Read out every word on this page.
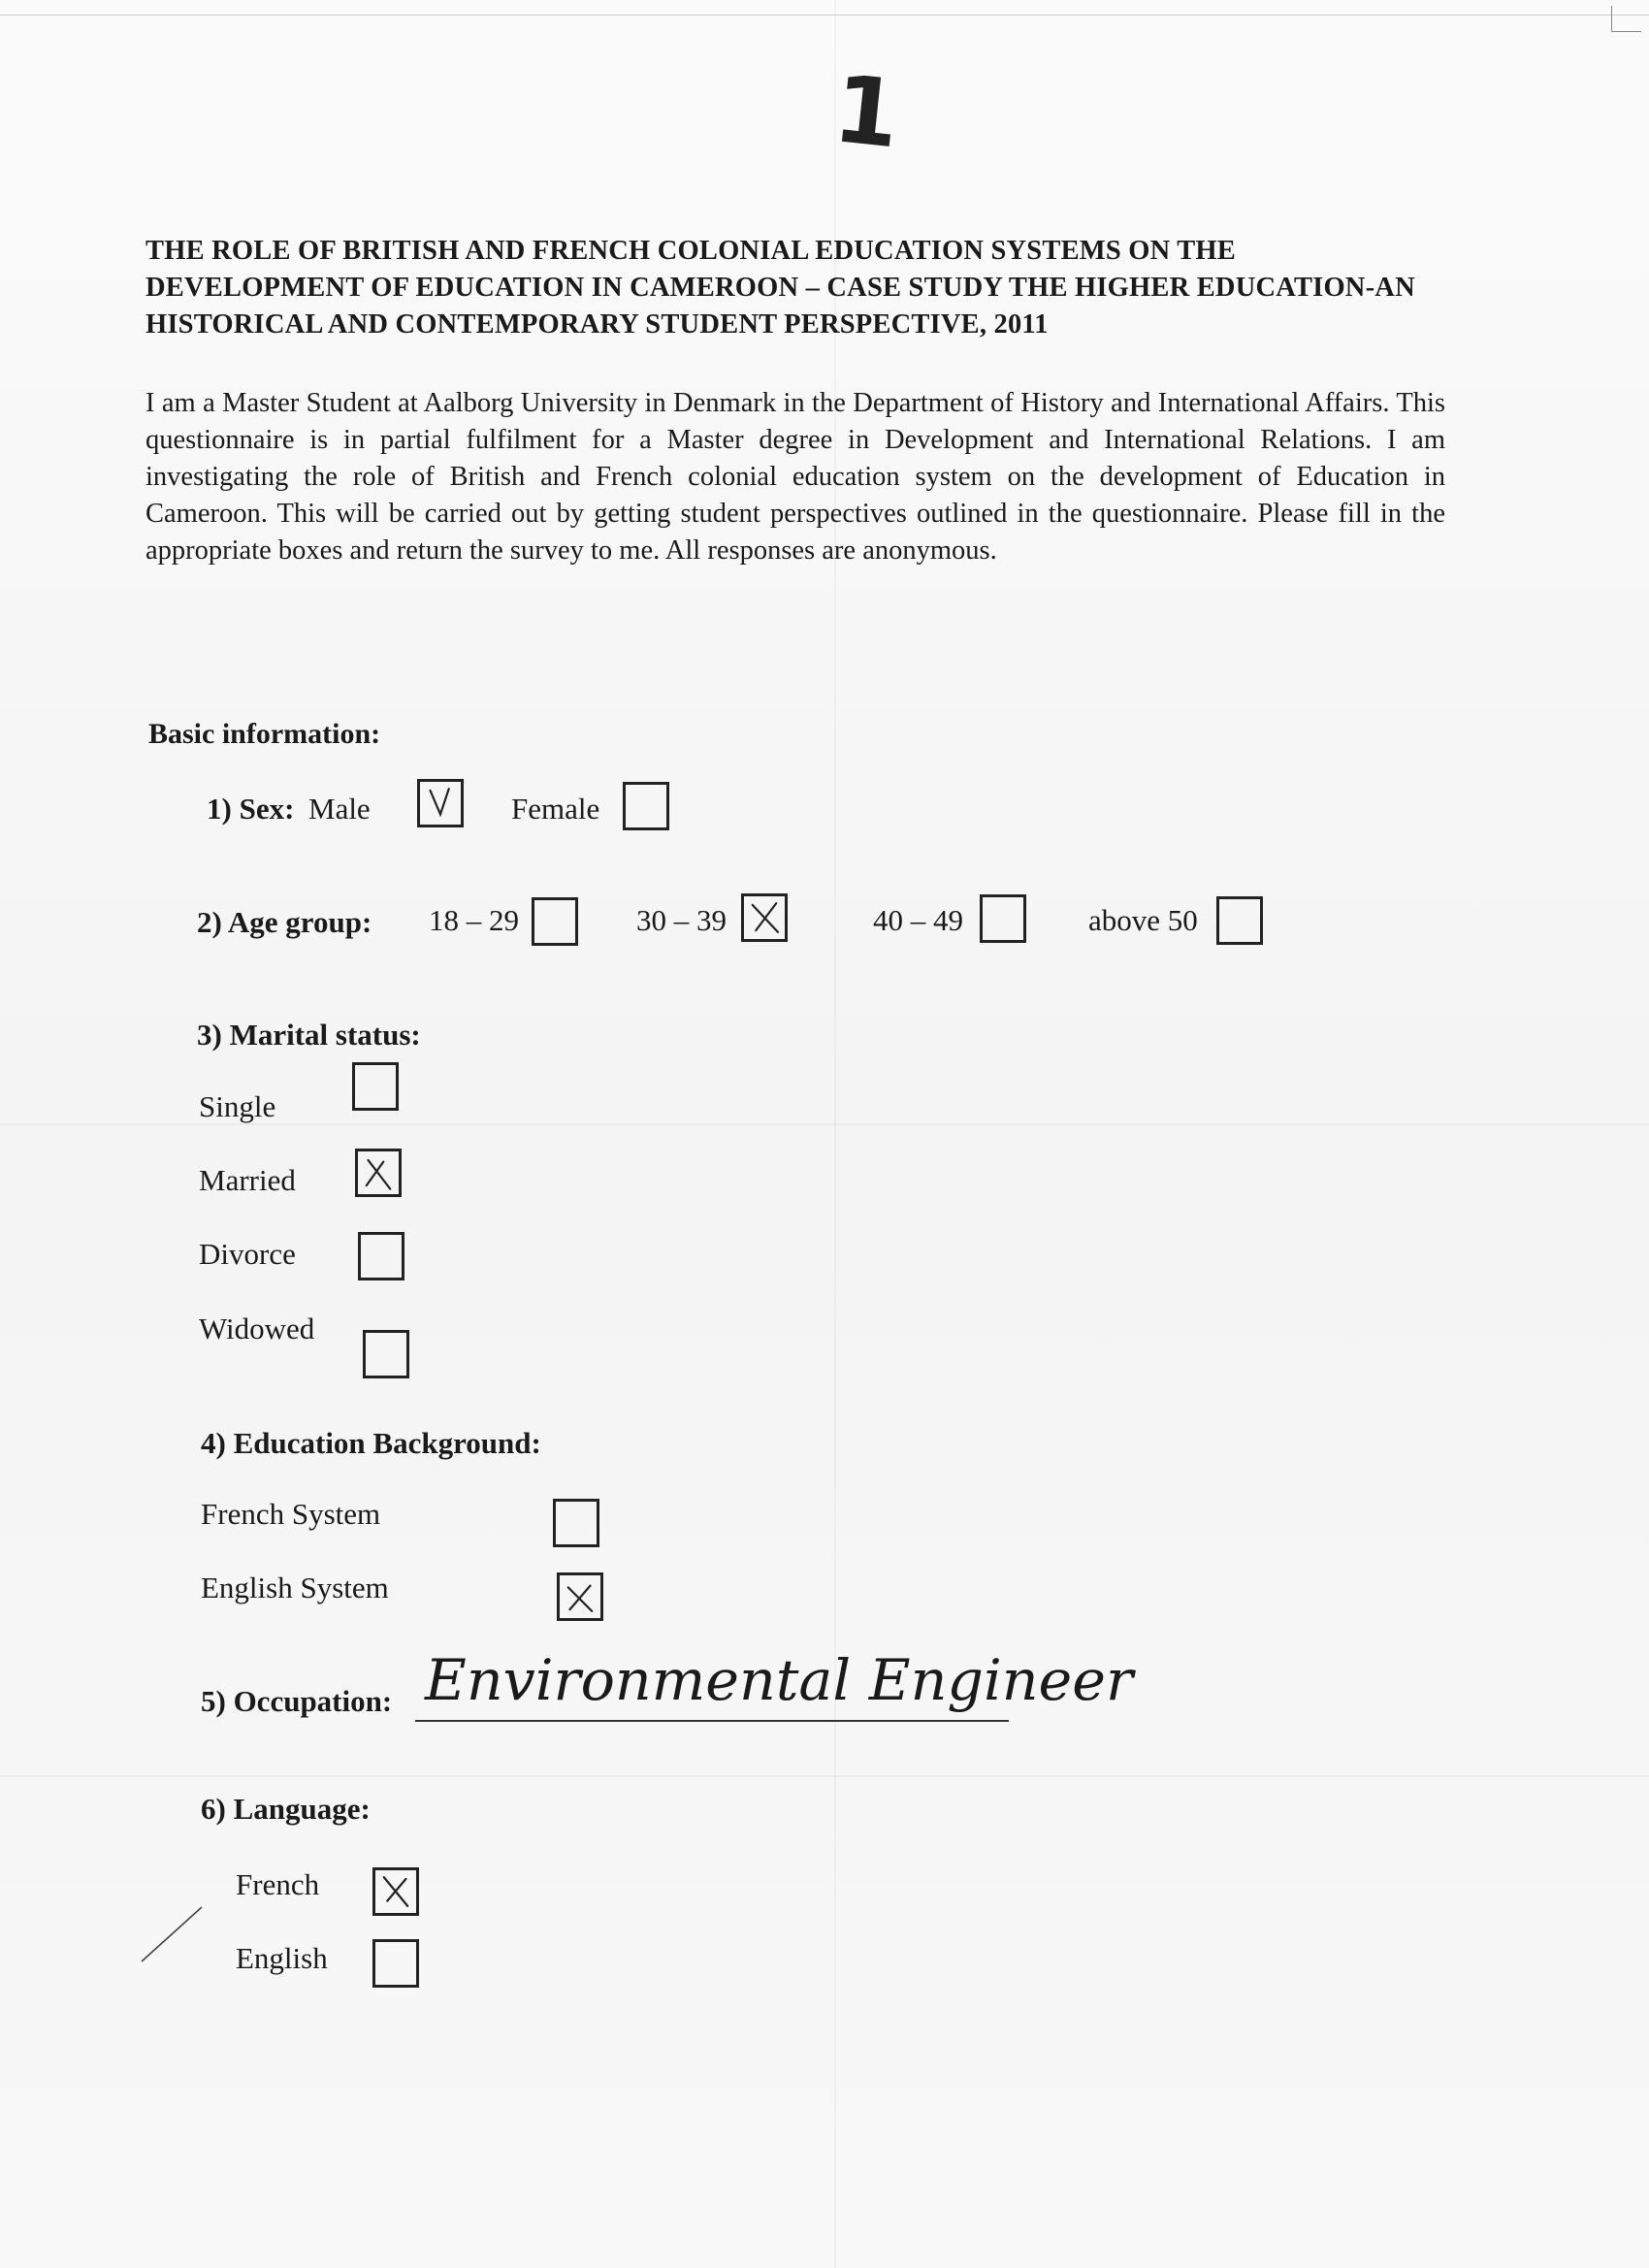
1
THE ROLE OF BRITISH AND FRENCH COLONIAL EDUCATION SYSTEMS ON THE DEVELOPMENT OF EDUCATION IN CAMEROON – CASE STUDY THE HIGHER EDUCATION-AN HISTORICAL AND CONTEMPORARY STUDENT PERSPECTIVE, 2011

I am a Master Student at Aalborg University in Denmark in the Department of History and International Affairs. This questionnaire is in partial fulfilment for a Master degree in Development and International Relations. I am investigating the role of British and French colonial education system on the development of Education in Cameroon. This will be carried out by getting student perspectives outlined in the questionnaire. Please fill in the appropriate boxes and return the survey to me. All responses are anonymous.

Basic information:
1) Sex: Male	Female
2) Age group: 18 – 29	30 – 39	40 – 49	above 50
3) Marital status:
Single
Married
Divorce
Widowed
4) Education Background:
French System
English System
5) Occupation: Environmental Engineer
6) Language:
French
English
